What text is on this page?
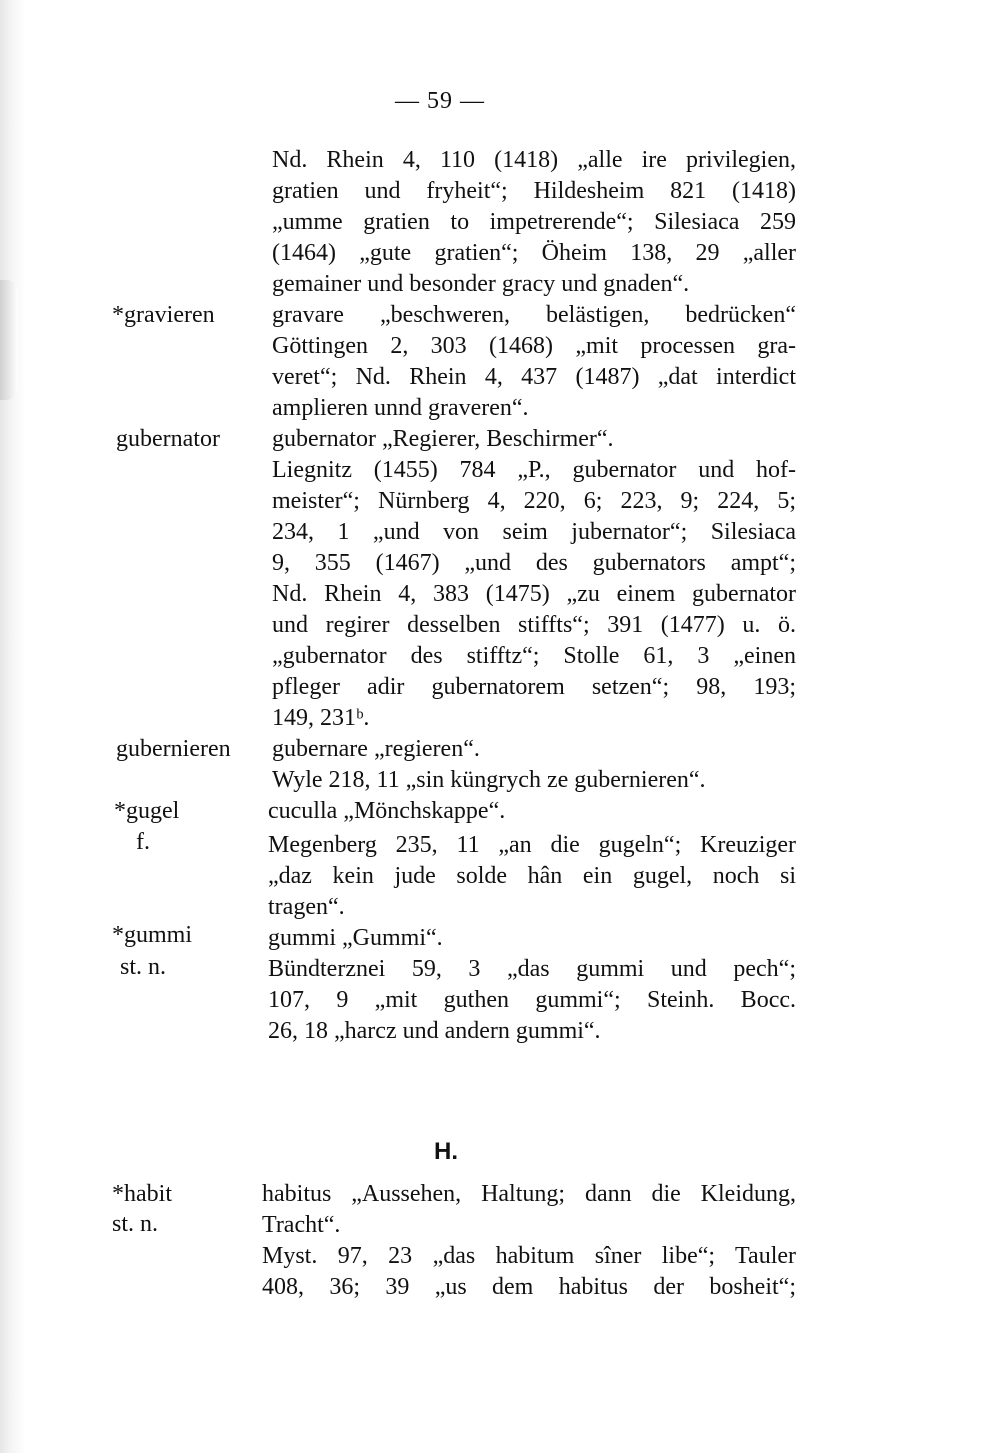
— 59 —
*gravieren
gubernator
gubernieren
*gugel
f.
*gummi
st. n.
*habit
st. n.
Nd. Rhein 4, 110 (1418) „alle ire privilegien,
gratien und fryheit“; Hildesheim 821 (1418)
„umme gratien to impetrerende“; Silesiaca 259
(1464) „gute gratien“; Öheim 138, 29 „aller
gemainer und besonder gracy und gnaden“.
gravare „beschweren, belästigen, bedrücken“
Göttingen 2, 303 (1468) „mit processen gra-
veret“; Nd. Rhein 4, 437 (1487) „dat interdict
amplieren unnd graveren“.
gubernator „Regierer, Beschirmer“.
Liegnitz (1455) 784 „P., gubernator und hof-
meister“; Nürnberg 4, 220, 6; 223, 9; 224, 5;
234, 1 „und von seim jubernator“; Silesiaca
9, 355 (1467) „und des gubernators ampt“;
Nd. Rhein 4, 383 (1475) „zu einem gubernator
und regirer desselben stiffts“; 391 (1477) u. ö.
„gubernator des stifftz“; Stolle 61, 3 „einen
pfleger adir gubernatorem setzen“; 98, 193;
149, 231ᵇ.
gubernare „regieren“.
Wyle 218, 11 „sin küngrych ze gubernieren“.
cuculla „Mönchskappe“.
Megenberg 235, 11 „an die gugeln“; Kreuziger
„daz kein jude solde hân ein gugel, noch si
tragen“.
gummi „Gummi“.
Bündterznei 59, 3 „das gummi und pech“;
107, 9 „mit guthen gummi“; Steinh. Bocc.
26, 18 „harcz und andern gummi“.
H.
habitus „Aussehen, Haltung; dann die Kleidung,
Tracht“.
Myst. 97, 23 „das habitum sîner libe“; Tauler
408, 36; 39 „us dem habitus der bosheit“;
